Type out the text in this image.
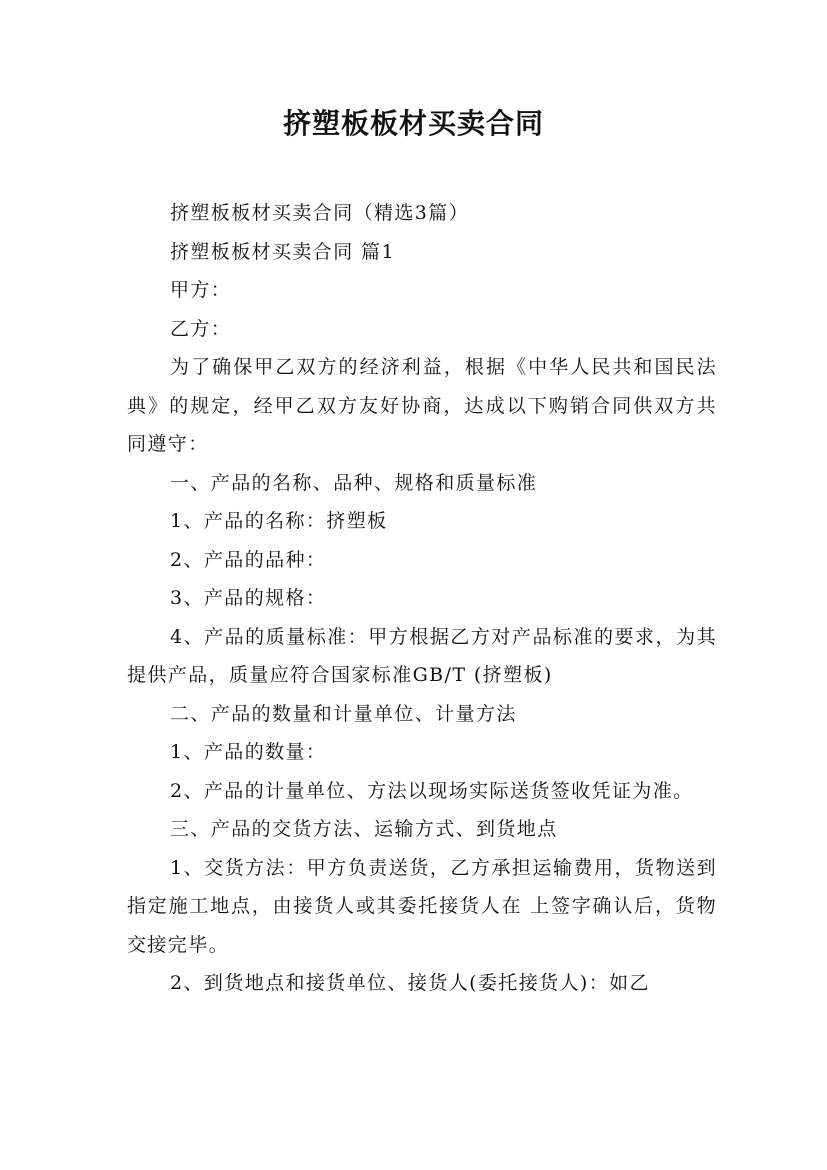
挤塑板板材买卖合同

挤塑板板材买卖合同（精选3篇）

挤塑板板材买卖合同 篇1

甲方：

乙方：

为了确保甲乙双方的经济利益，根据《中华人民共和国民法典》的规定，经甲乙双方友好协商，达成以下购销合同供双方共同遵守：

一、产品的名称、品种、规格和质量标准

1、产品的名称：挤塑板

2、产品的品种：

3、产品的规格：

4、产品的质量标准：甲方根据乙方对产品标准的要求，为其提供产品，质量应符合国家标准GB/T (挤塑板)

二、产品的数量和计量单位、计量方法

1、产品的数量：

2、产品的计量单位、方法以现场实际送货签收凭证为准。

三、产品的交货方法、运输方式、到货地点

1、交货方法：甲方负责送货，乙方承担运输费用，货物送到指定施工地点，由接货人或其委托接货人在 上签字确认后，货物交接完毕。

2、到货地点和接货单位、接货人(委托接货人)：如乙
